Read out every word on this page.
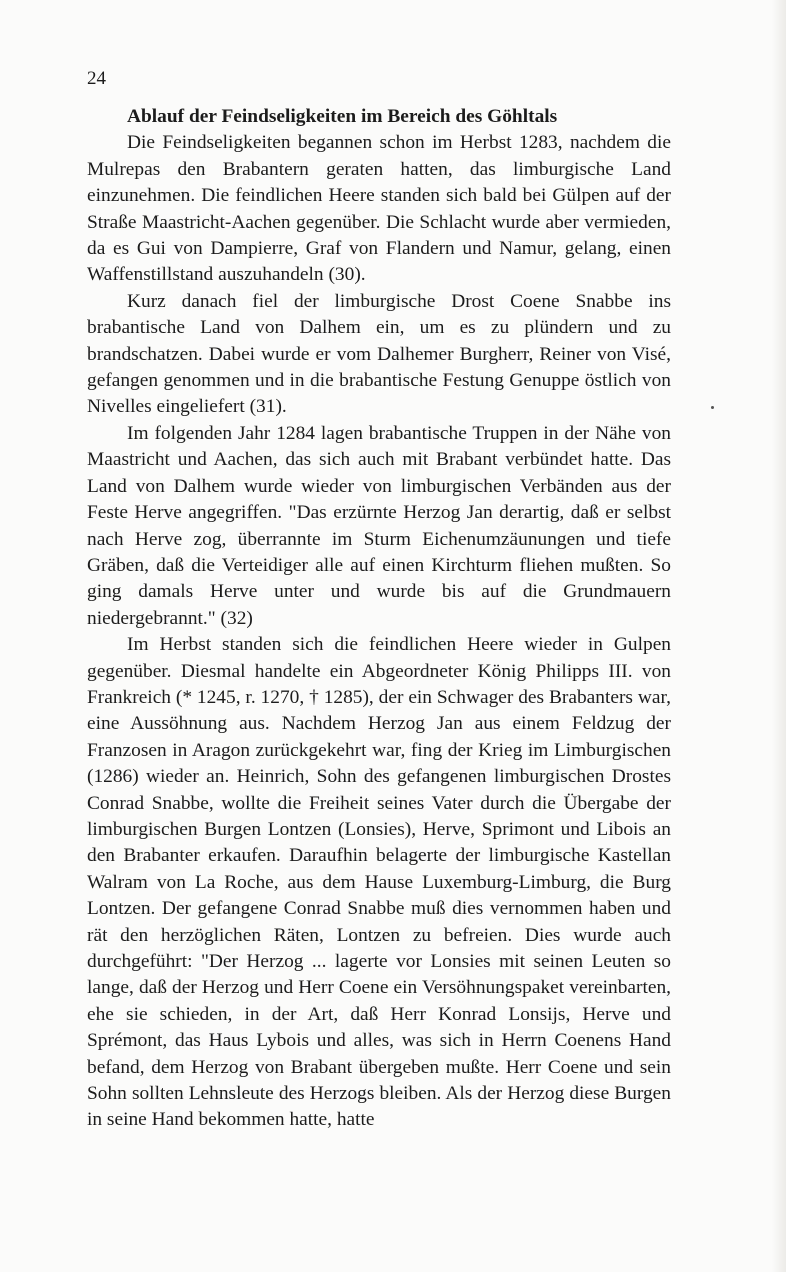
24

Ablauf der Feindseligkeiten im Bereich des Göhltals

Die Feindseligkeiten begannen schon im Herbst 1283, nachdem die Mulrepas den Brabantern geraten hatten, das limburgische Land einzunehmen. Die feindlichen Heere standen sich bald bei Gülpen auf der Straße Maastricht-Aachen gegenüber. Die Schlacht wurde aber vermieden, da es Gui von Dampierre, Graf von Flandern und Namur, gelang, einen Waffenstillstand auszuhandeln (30).

Kurz danach fiel der limburgische Drost Coene Snabbe ins brabantische Land von Dalhem ein, um es zu plündern und zu brandschatzen. Dabei wurde er vom Dalhemer Burgherr, Reiner von Visé, gefangen genommen und in die brabantische Festung Genuppe östlich von Nivelles eingeliefert (31).

Im folgenden Jahr 1284 lagen brabantische Truppen in der Nähe von Maastricht und Aachen, das sich auch mit Brabant verbündet hatte. Das Land von Dalhem wurde wieder von limburgischen Verbänden aus der Feste Herve angegriffen. "Das erzürnte Herzog Jan derartig, daß er selbst nach Herve zog, überrannte im Sturm Eichenumzäunungen und tiefe Gräben, daß die Verteidiger alle auf einen Kirchturm fliehen mußten. So ging damals Herve unter und wurde bis auf die Grundmauern niedergebrannt." (32)

Im Herbst standen sich die feindlichen Heere wieder in Gulpen gegenüber. Diesmal handelte ein Abgeordneter König Philipps III. von Frankreich (* 1245, r. 1270, † 1285), der ein Schwager des Brabanters war, eine Aussöhnung aus. Nachdem Herzog Jan aus einem Feldzug der Franzosen in Aragon zurückgekehrt war, fing der Krieg im Limburgischen (1286) wieder an. Heinrich, Sohn des gefangenen limburgischen Drostes Conrad Snabbe, wollte die Freiheit seines Vater durch die Übergabe der limburgischen Burgen Lontzen (Lonsies), Herve, Sprimont und Libois an den Brabanter erkaufen. Daraufhin belagerte der limburgische Kastellan Walram von La Roche, aus dem Hause Luxemburg-Limburg, die Burg Lontzen. Der gefangene Conrad Snabbe muß dies vernommen haben und rät den herzöglichen Räten, Lontzen zu befreien. Dies wurde auch durchgeführt: "Der Herzog ... lagerte vor Lonsies mit seinen Leuten so lange, daß der Herzog und Herr Coene ein Versöhnungspaket vereinbarten, ehe sie schieden, in der Art, daß Herr Konrad Lonsijs, Herve und Sprémont, das Haus Lybois und alles, was sich in Herrn Coenens Hand befand, dem Herzog von Brabant übergeben mußte. Herr Coene und sein Sohn sollten Lehnsleute des Herzogs bleiben. Als der Herzog diese Burgen in seine Hand bekommen hatte, hatte
